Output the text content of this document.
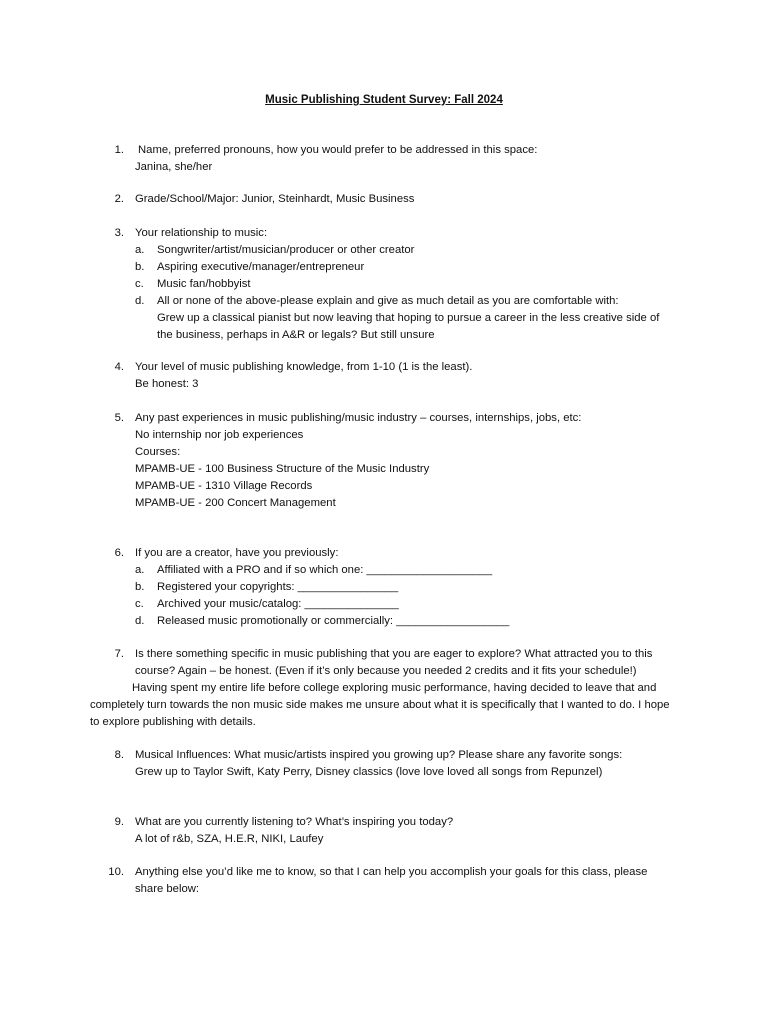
Music Publishing Student Survey: Fall 2024
1. Name, preferred pronouns, how you would prefer to be addressed in this space:
Janina, she/her
2. Grade/School/Major: Junior, Steinhardt, Music Business
3. Your relationship to music:
a. Songwriter/artist/musician/producer or other creator
b. Aspiring executive/manager/entrepreneur
c. Music fan/hobbyist
d. All or none of the above-please explain and give as much detail as you are comfortable with:
Grew up a classical pianist but now leaving that hoping to pursue a career in the less creative side of
the business, perhaps in A&R or legals? But still unsure
4. Your level of music publishing knowledge, from 1-10 (1 is the least).
Be honest: 3
5. Any past experiences in music publishing/music industry – courses, internships, jobs, etc:
No internship nor job experiences
Courses:
MPAMB-UE - 100 Business Structure of the Music Industry
MPAMB-UE - 1310 Village Records
MPAMB-UE - 200 Concert Management
6. If you are a creator, have you previously:
a. Affiliated with a PRO and if so which one: ____________________
b. Registered your copyrights: ________________
c. Archived your music/catalog: _______________
d. Released music promotionally or commercially: __________________
7. Is there something specific in music publishing that you are eager to explore? What attracted you to this
course? Again – be honest. (Even if it’s only because you needed 2 credits and it fits your schedule!)
Having spent my entire life before college exploring music performance, having decided to leave that and completely turn towards the non music side makes me unsure about what it is specifically that I wanted to do. I hope to explore publishing with details.
8. Musical Influences: What music/artists inspired you growing up? Please share any favorite songs:
Grew up to Taylor Swift, Katy Perry, Disney classics (love love loved all songs from Repunzel)
9. What are you currently listening to? What’s inspiring you today?
A lot of r&b, SZA, H.E.R, NIKI, Laufey
10. Anything else you’d like me to know, so that I can help you accomplish your goals for this class, please
share below:
